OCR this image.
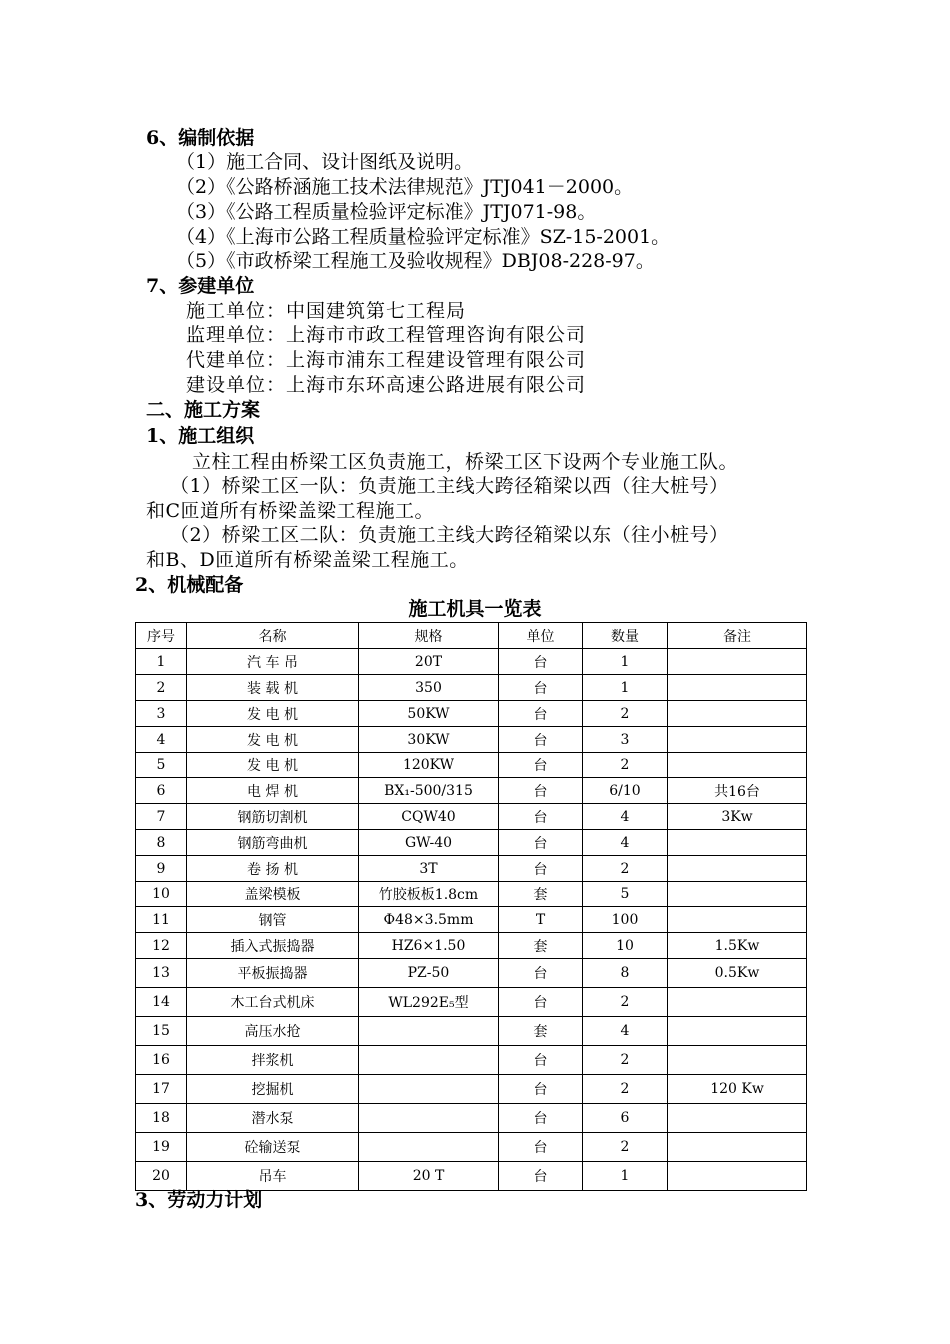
6、编制依据
（1）施工合同、设计图纸及说明。
（2）《公路桥涵施工技术法律规范》JTJ041－2000。
（3）《公路工程质量检验评定标准》JTJ071-98。
（4）《上海市公路工程质量检验评定标准》SZ-15-2001。
（5）《市政桥梁工程施工及验收规程》DBJ08-228-97。
7、参建单位
施工单位：中国建筑第七工程局
监理单位：上海市市政工程管理咨询有限公司
代建单位：上海市浦东工程建设管理有限公司
建设单位：上海市东环高速公路进展有限公司
二、施工方案
1、施工组织
立柱工程由桥梁工区负责施工，桥梁工区下设两个专业施工队。
（1）桥梁工区一队：负责施工主线大跨径箱梁以西（往大桩号）
和C匝道所有桥梁盖梁工程施工。
（2）桥梁工区二队：负责施工主线大跨径箱梁以东（往小桩号）
和B、D匝道所有桥梁盖梁工程施工。
2、机械配备
施工机具一览表
序号	名称	规格	单位	数量	备注
1	汽 车 吊	20T	台	1	
2	装 载 机	350	台	1	
3	发 电 机	50KW	台	2	
4	发 电 机	30KW	台	3	
5	发 电 机	120KW	台	2	
6	电 焊 机	BX₁-500/315	台	6/10	共16台
7	钢筋切割机	CQW40	台	4	3Kw
8	钢筋弯曲机	GW-40	台	4	
9	卷 扬 机	3T	台	2	
10	盖梁模板	竹胶板板1.8cm	套	5	
11	钢管	Ф48×3.5mm	T	100	
12	插入式振捣器	HZ6×1.50	套	10	1.5Kw
13	平板振捣器	PZ-50	台	8	0.5Kw
14	木工台式机床	WL292E₅型	台	2	
15	高压水抢		套	4	
16	拌浆机		台	2	
17	挖掘机		台	2	120 Kw
18	潜水泵		台	6	
19	砼输送泵		台	2	
20	吊车	20 T	台	1	
3、劳动力计划
